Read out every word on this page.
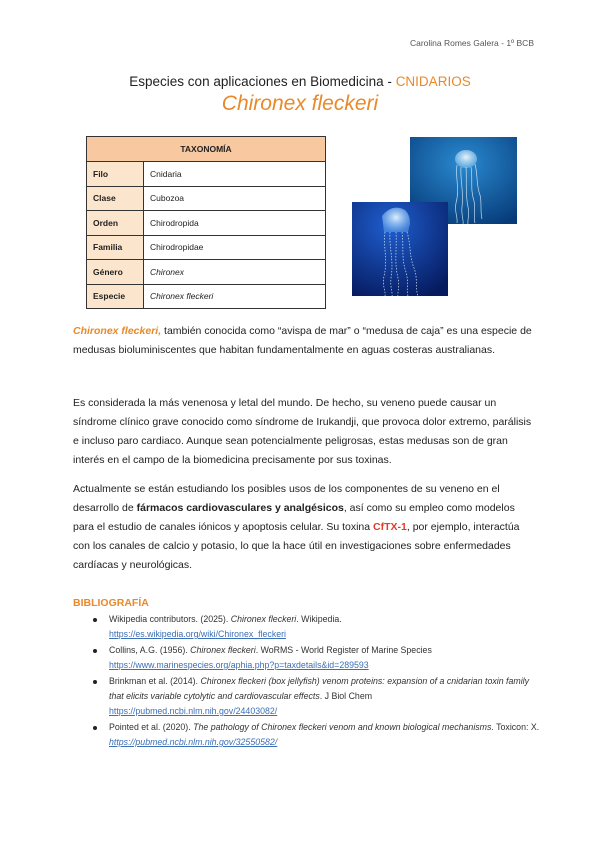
Carolina Romes Galera - 1º BCB
Especies con aplicaciones en Biomedicina - CNIDARIOS
Chironex fleckeri
TAXONOMÍA	
Filo	Cnidaria
Clase	Cubozoa
Orden	Chirodropida
Familia	Chirodropidae
Género	Chironex
Especie	Chironex fleckeri
Chironex fleckeri, también conocida como “avispa de mar” o “medusa de caja” es una especie de medusas bioluminiscentes que habitan fundamentalmente en aguas costeras australianas.
Es considerada la más venenosa y letal del mundo. De hecho, su veneno puede causar un síndrome clínico grave conocido como síndrome de Irukandji, que provoca dolor extremo, parálisis e incluso paro cardiaco. Aunque sean potencialmente peligrosas, estas medusas son de gran interés en el campo de la biomedicina precisamente por sus toxinas.
Actualmente se están estudiando los posibles usos de los componentes de su veneno en el desarrollo de fármacos cardiovasculares y analgésicos, así como su empleo como modelos para el estudio de canales iónicos y apoptosis celular. Su toxina CfTX-1, por ejemplo, interactúa con los canales de calcio y potasio, lo que la hace útil en investigaciones sobre enfermedades cardíacas y neurológicas.
BIBLIOGRAFÍA
Wikipedia contributors. (2025). Chironex fleckeri. Wikipedia.
https://es.wikipedia.org/wiki/Chironex_fleckeri
Collins, A.G. (1956). Chironex fleckeri. WoRMS - World Register of Marine Species
https://www.marinespecies.org/aphia.php?p=taxdetails&id=289593
Brinkman et al. (2014). Chironex fleckeri (box jellyfish) venom proteins: expansion of a cnidarian toxin family that elicits variable cytolytic and cardiovascular effects. J Biol Chem
https://pubmed.ncbi.nlm.nih.gov/24403082/
Pointed et al. (2020). The pathology of Chironex fleckeri venom and known biological mechanisms. Toxicon: X.
https://pubmed.ncbi.nlm.nih.gov/32550582/
